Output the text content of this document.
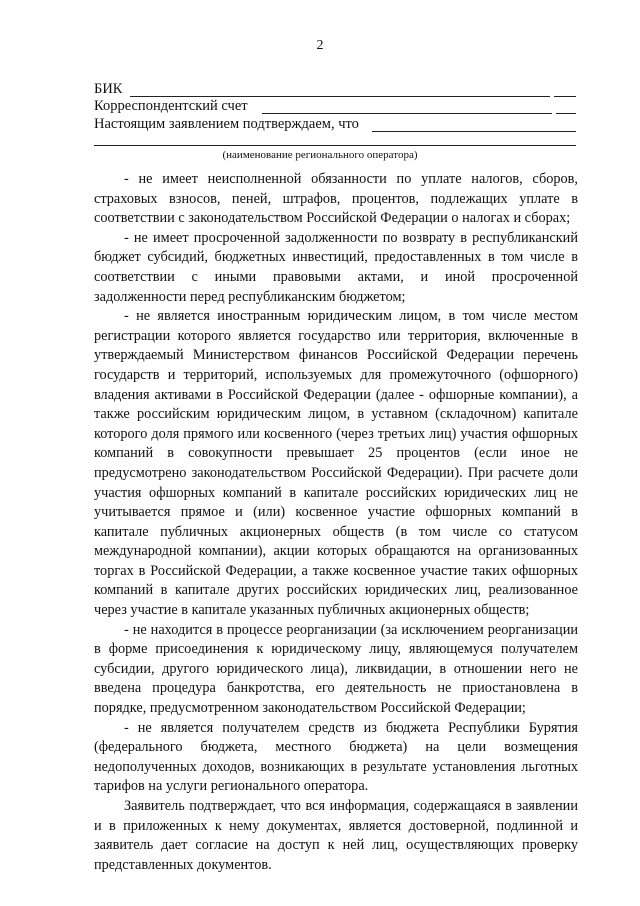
2
БИК
Корреспондентский счет
Настоящим заявлением подтверждаем, что
(наименование регионального оператора)

- не имеет неисполненной обязанности по уплате налогов, сборов, страховых взносов, пеней, штрафов, процентов, подлежащих уплате в соответствии с законодательством Российской Федерации о налогах и сборах;

- не имеет просроченной задолженности по возврату в республиканский бюджет субсидий, бюджетных инвестиций, предоставленных в том числе в соответствии с иными правовыми актами, и иной просроченной задолженности перед республиканским бюджетом;

- не является иностранным юридическим лицом, в том числе местом регистрации которого является государство или территория, включенные в утверждаемый Министерством финансов Российской Федерации перечень государств и территорий, используемых для промежуточного (офшорного) владения активами в Российской Федерации (далее - офшорные компании), а также российским юридическим лицом, в уставном (складочном) капитале которого доля прямого или косвенного (через третьих лиц) участия офшорных компаний в совокупности превышает 25 процентов (если иное не предусмотрено законодательством Российской Федерации). При расчете доли участия офшорных компаний в капитале российских юридических лиц не учитывается прямое и (или) косвенное участие офшорных компаний в капитале публичных акционерных обществ (в том числе со статусом международной компании), акции которых обращаются на организованных торгах в Российской Федерации, а также косвенное участие таких офшорных компаний в капитале других российских юридических лиц, реализованное через участие в капитале указанных публичных акционерных обществ;

- не находится в процессе реорганизации (за исключением реорганизации в форме присоединения к юридическому лицу, являющемуся получателем субсидии, другого юридического лица), ликвидации, в отношении него не введена процедура банкротства, его деятельность не приостановлена в порядке, предусмотренном законодательством Российской Федерации;

- не является получателем средств из бюджета Республики Бурятия (федерального бюджета, местного бюджета) на цели возмещения недополученных доходов, возникающих в результате установления льготных тарифов на услуги регионального оператора.

Заявитель подтверждает, что вся информация, содержащаяся в заявлении и в приложенных к нему документах, является достоверной, подлинной и заявитель дает согласие на доступ к ней лиц, осуществляющих проверку представленных документов.
